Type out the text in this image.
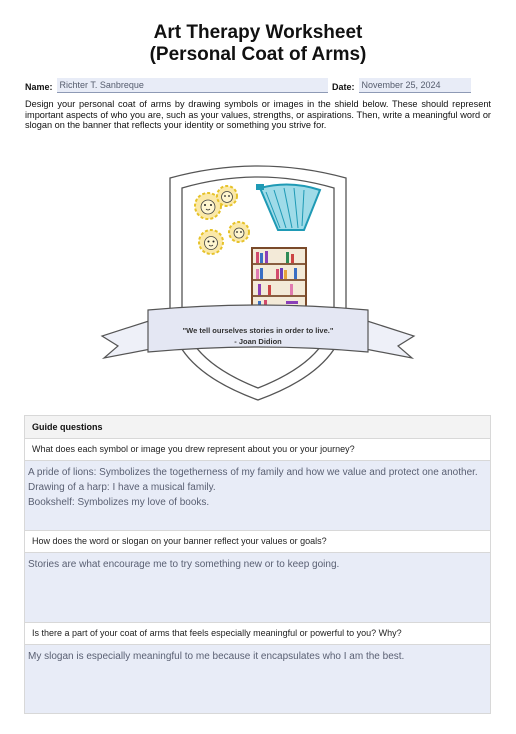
Art Therapy Worksheet
(Personal Coat of Arms)
Name: Richter T. Sanbreque	Date: November 25, 2024
Design your personal coat of arms by drawing symbols or images in the shield below. These should represent important aspects of who you are, such as your values, strengths, or aspirations. Then, write a meaningful word or slogan on the banner that reflects your identity or something you strive for.
"We tell ourselves stories in order to live."
- Joan Didion
Guide questions
What does each symbol or image you drew represent about you or your journey?
A pride of lions: Symbolizes the togetherness of my family and how we value and protect one another.
Drawing of a harp: I have a musical family.
Bookshelf: Symbolizes my love of books.
How does the word or slogan on your banner reflect your values or goals?
Stories are what encourage me to try something new or to keep going.
Is there a part of your coat of arms that feels especially meaningful or powerful to you? Why?
My slogan is especially meaningful to me because it encapsulates who I am the best.
